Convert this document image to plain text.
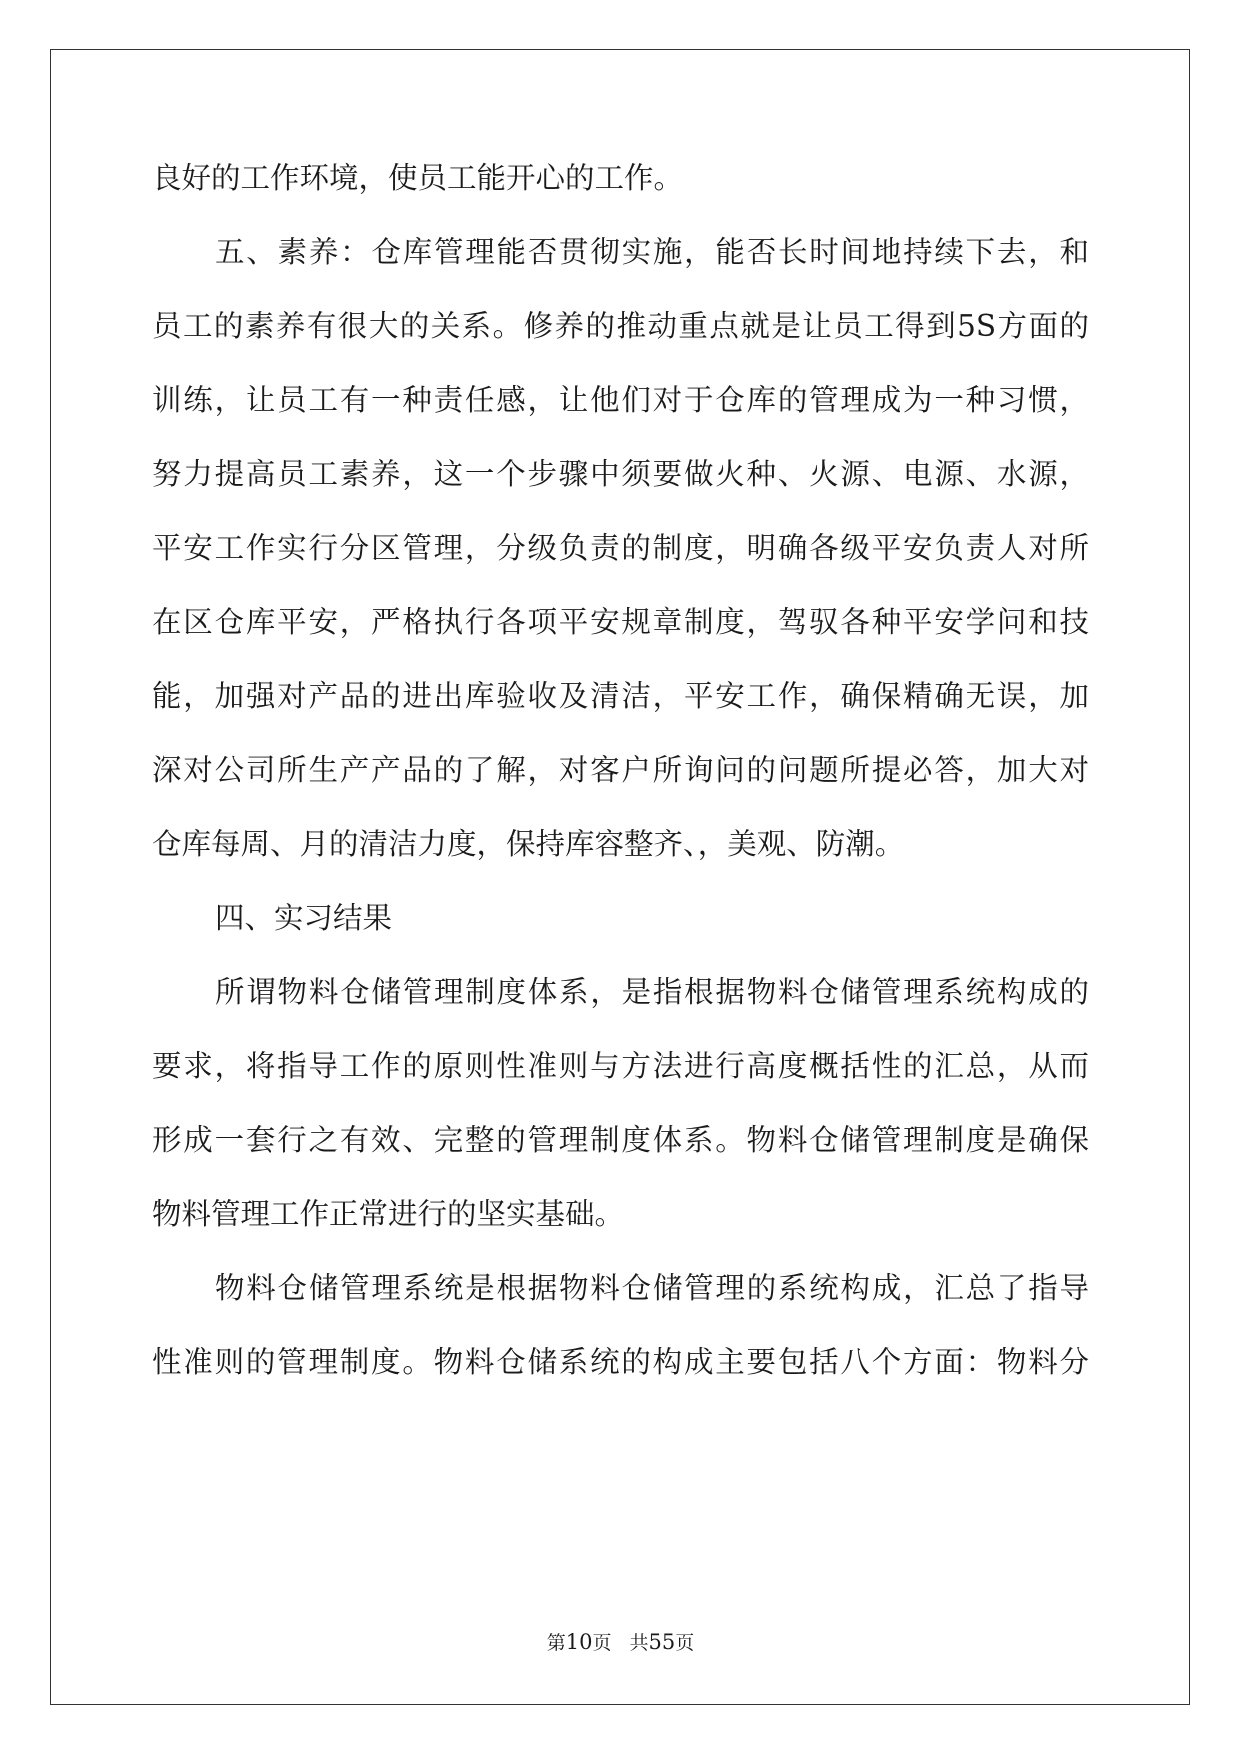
良好的工作环境，使员工能开心的工作。
五、素养：仓库管理能否贯彻实施，能否长时间地持续下去，和
员工的素养有很大的关系。修养的推动重点就是让员工得到5S方面的
训练，让员工有一种责任感，让他们对于仓库的管理成为一种习惯，
努力提高员工素养，这一个步骤中须要做火种、火源、电源、水源，
平安工作实行分区管理，分级负责的制度，明确各级平安负责人对所
在区仓库平安，严格执行各项平安规章制度，驾驭各种平安学问和技
能，加强对产品的进出库验收及清洁，平安工作，确保精确无误，加
深对公司所生产产品的了解，对客户所询问的问题所提必答，加大对
仓库每周、月的清洁力度，保持库容整齐、，美观、防潮。
四、实习结果
所谓物料仓储管理制度体系，是指根据物料仓储管理系统构成的
要求，将指导工作的原则性准则与方法进行高度概括性的汇总，从而
形成一套行之有效、完整的管理制度体系。物料仓储管理制度是确保
物料管理工作正常进行的坚实基础。
物料仓储管理系统是根据物料仓储管理的系统构成，汇总了指导
性准则的管理制度。物料仓储系统的构成主要包括八个方面：物料分
第10页 共55页
